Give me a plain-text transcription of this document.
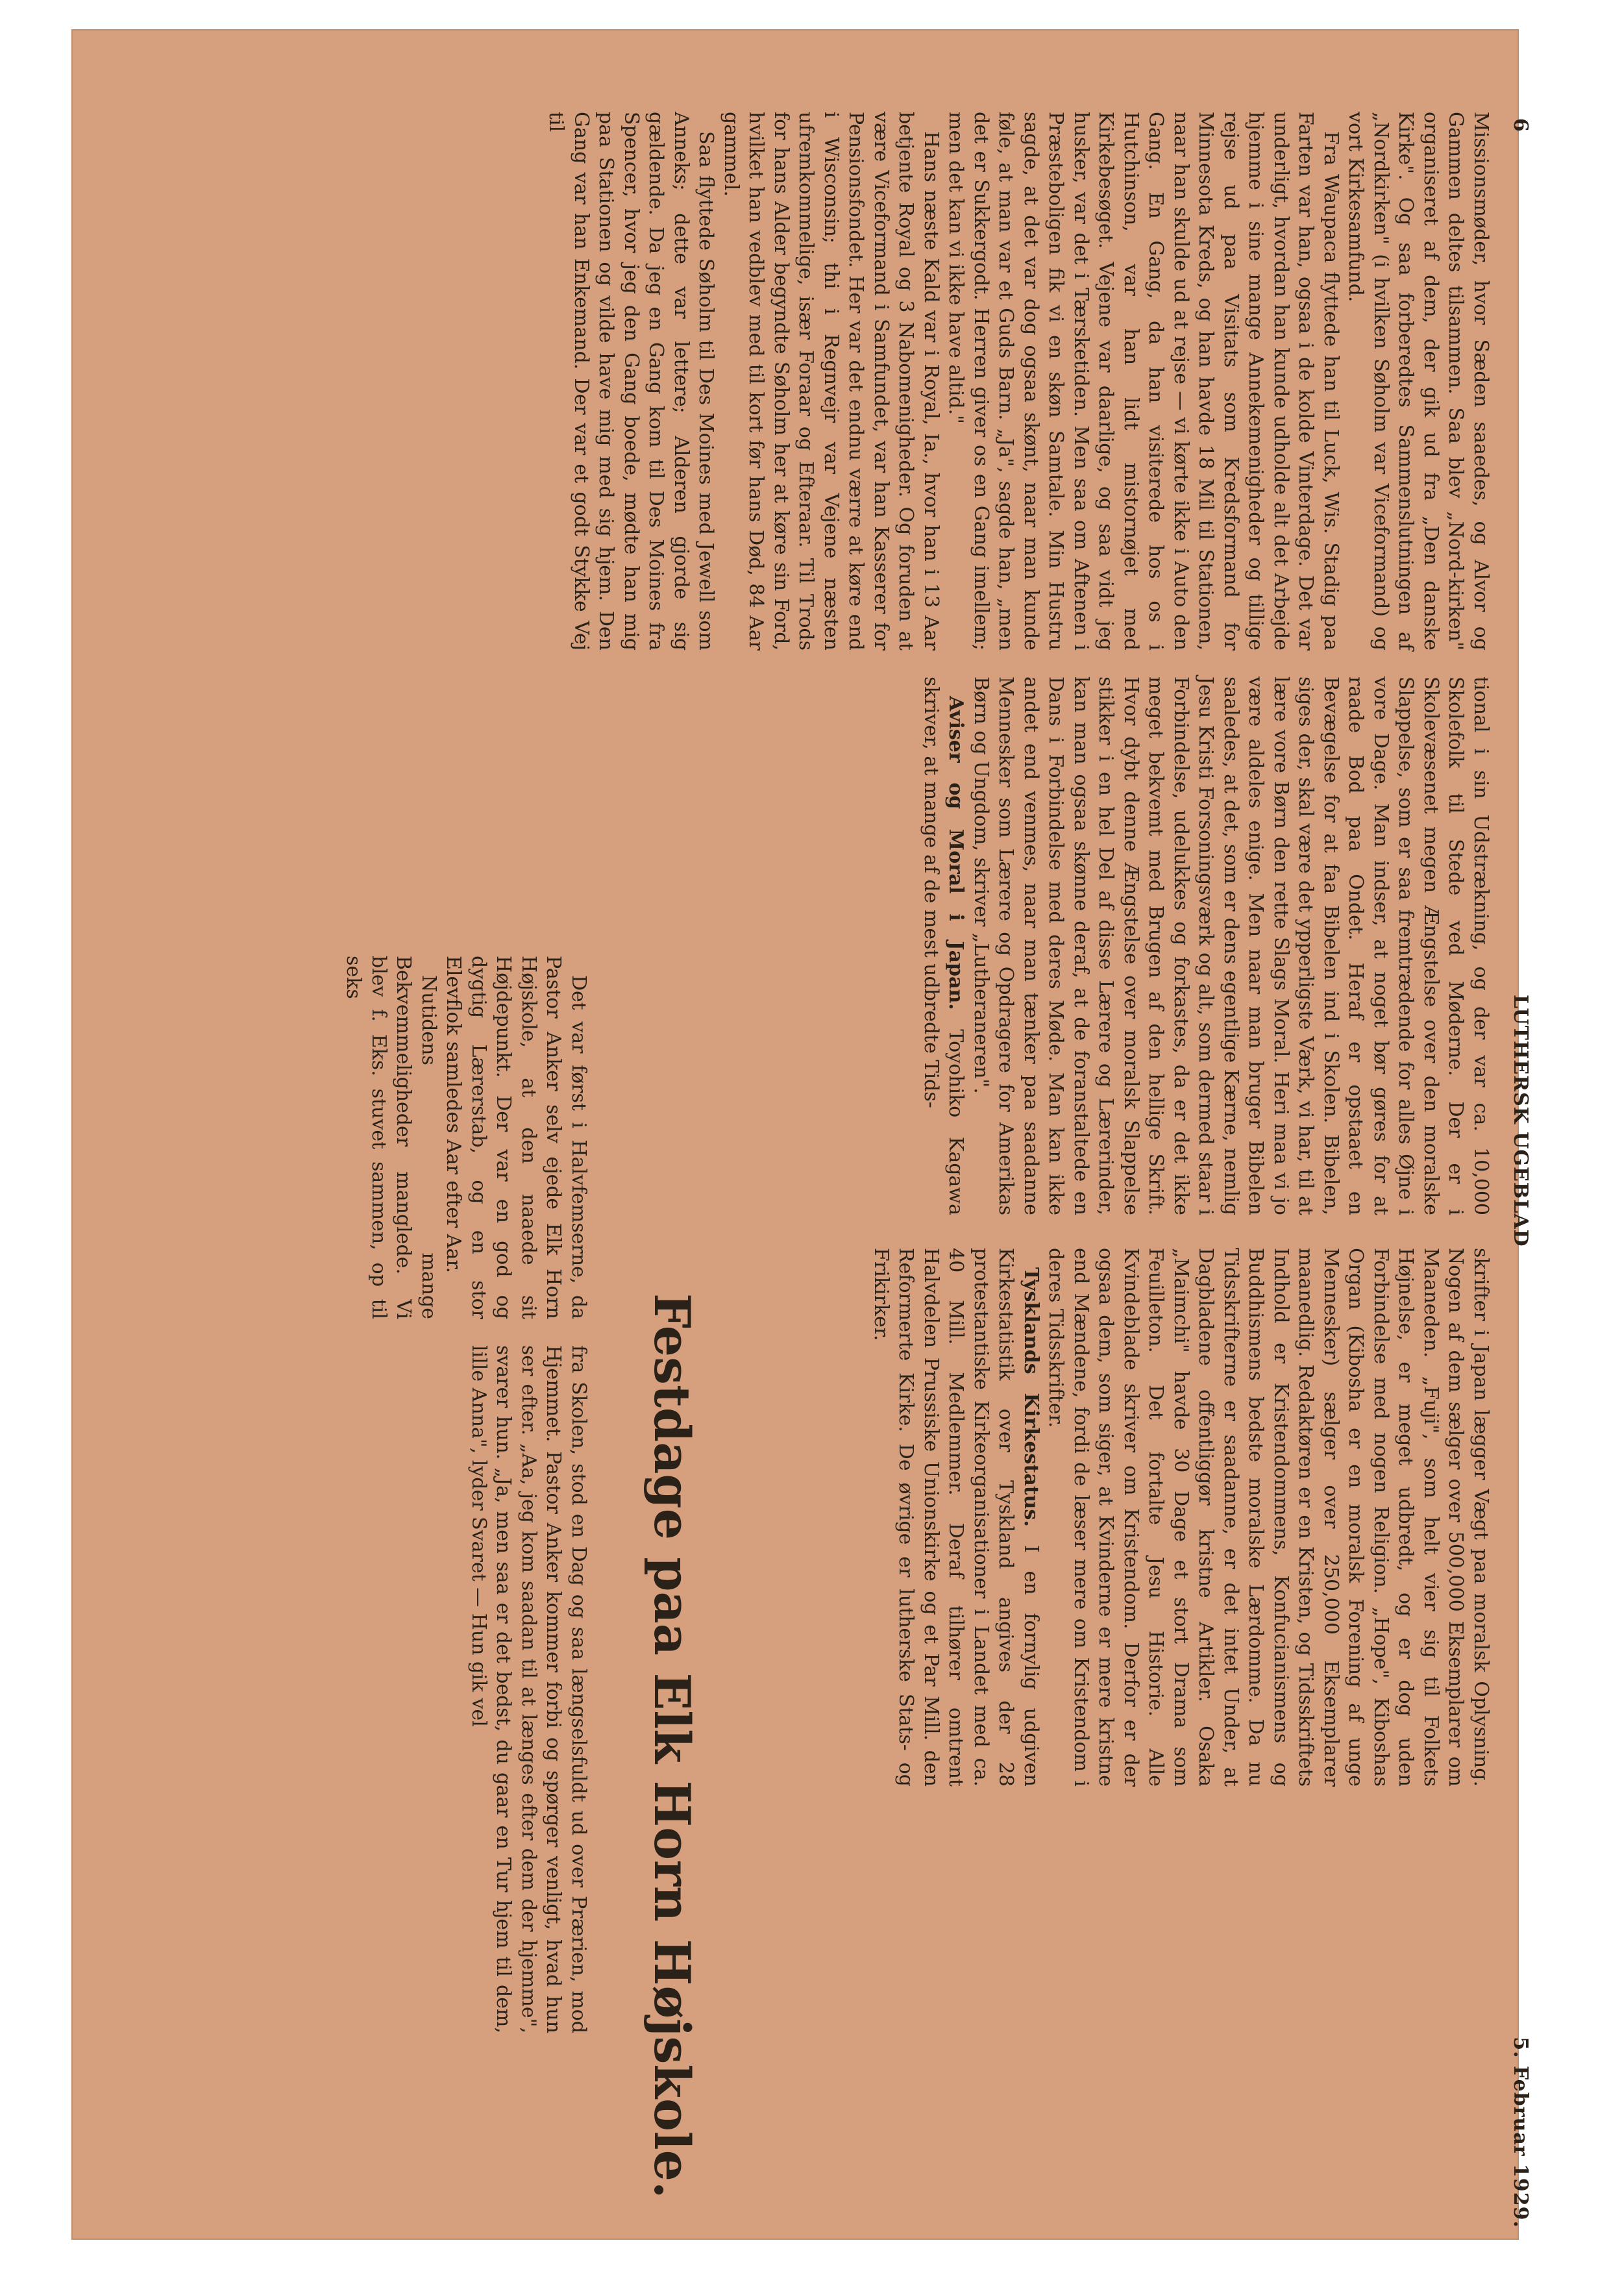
6
LUTHERSK UGEBLAD
5. Februar 1929.

Missionsmøder, hvor Sæden saaedes, og Alvor og Gammen deltes tilsammen. Saa blev „Nord-kirken" organiseret af dem, der gik ud fra „Den danske Kirke". Og saa forberedtes Sammenslutningen af „Nordkirken" (i hvilken Søholm var Viceformand) og vort Kirkesamfund.

Fra Waupaca flyttede han til Luck, Wis. Stadig paa Farten var han, ogsaa i de kolde Vinterdage. Det var underligt, hvordan han kunde udholde alt det Arbejde hjemme i sine mange Annekemenigheder og tillige rejse ud paa Visitats som Kredsformand for Minnesota Kreds, og han havde 18 Mil til Stationen, naar han skulde ud at rejse — vi kørte ikke i Auto den Gang. En Gang, da han visiterede hos os i Hutchinson, var han lidt mistornøjet med Kirkebesøget. Vejene var daarlige, og saa vidt jeg husker, var det i Tærsketiden. Men saa om Aftenen i Præsteboligen fik vi en skøn Samtale. Min Hustru sagde, at det var dog ogsaa skønt, naar man kunde føle, at man var et Guds Barn. „Ja", sagde han, „men det er Sukkergodt. Herren giver os en Gang imellem; men det kan vi ikke have altid."

Hans næste Kald var i Royal, Ia., hvor han i 13 Aar betjente Royal og 3 Nabomenigheder. Og foruden at være Viceformand i Samfundet, var han Kasserer for Pensionsfondet. Her var det endnu værre at køre end i Wisconsin; thi i Regnvejr var Vejene næsten ufremkommelige, især Foraar og Efteraar. Til Trods for hans Alder begyndte Søholm her at køre sin Ford, hvilket han vedblev med til kort før hans Død, 84 Aar gammel.

Saa flyttede Søholm til Des Moines med Jewell som Anneks; dette var lettere; Alderen gjorde sig gældende. Da jeg en Gang kom til Des Moines fra Spencer, hvor jeg den Gang boede, mødte han mig paa Stationen og vilde have mig med sig hjem. Den Gang var han Enkemand. Der var et godt Stykke Vej til

tional i sin Udstrækning, og der var ca. 10,000 Skolefolk til Stede ved Møderne. Der er i Skolevæsenet megen Ængstelse over den moralske Slappelse, som er saa fremtrædende for alles Øjne i vore Dage. Man indser, at noget bør gøres for at raade Bod paa Ondet. Heraf er opstaaet en Bevægelse for at faa Bibelen ind i Skolen. Bibelen, siges der, skal være det ypperligste Værk, vi har, til at lære vore Børn den rette Slags Moral. Heri maa vi jo være aldeles enige. Men naar man bruger Bibelen saaledes, at det, som er dens egentlige Kærne, nemlig Jesu Kristi Forsoningsværk og alt, som dermed staar i Forbindelse, udelukkes og forkastes, da er det ikke meget bekvemt med Brugen af den hellige Skrift. Hvor dybt denne Ængstelse over moralsk Slappelse stikker i en hel Del af disse Lærere og Lærerinder, kan man ogsaa skønne deraf, at de foranstaltede en Dans i Forbindelse med deres Møde. Man kan ikke andet end venmes, naar man tænker paa saadanne Mennesker som Lærere og Opdragere for Amerikas Børn og Ungdom, skriver „Lutheraneren".

Aviser og Moral i Japan. Toyohiko Kagawa skriver, at mange af de mest udbredte Tids-

skrifter i Japan lægger Vægt paa moralsk Oplysning. Nogen af dem sælger over 500,000 Eksemplarer om Maaneden. „Fuji", som helt vier sig til Folkets Højnelse, er meget udbredt, og er dog uden Forbindelse med nogen Religion. „Hope", Kiboshas Organ (Kibosha er en moralsk Forening af unge Mennesker) sælger over 250,000 Eksemplarer maanedlig. Redaktøren er en Kristen, og Tidsskriftets Indhold er Kristendommens, Konfucianismens og Buddhismens bedste moralske Lærdomme. Da nu Tidsskrifterne er saadanne, er det intet Under, at Dagbladene offentliggør kristne Artikler. Osaka „Maimchi" havde 30 Dage et stort Drama som Feuilleton. Det fortalte Jesu Historie. Alle Kvindeblade skriver om Kristendom. Derfor er der ogsaa dem, som siger, at Kvinderne er mere kristne end Mændene, fordi de læser mere om Kristendom i deres Tidsskrifter.

Tysklands Kirkestatus. I en fornylig udgiven Kirkestatistik over Tyskland angives der 28 protestantiske Kirkeorganisationer i Landet med ca. 40 Mill. Medlemmer. Deraf tilhører omtrent Halvdelen Prussiske Unionskirke og et Par Mill. den Reformerte Kirke. De øvrige er lutherske Stats- og Frikirker.

Festdage paa Elk Horn Højskole.

Det var først i Halvfemserne, da Pastor Anker selv ejede Elk Horn Højskole, at den naaede sit Højdepunkt. Der var en god og dygtig Lærerstab, og en stor Elevflok samledes Aar efter Aar.

Nutidens mange Bekvemmeligheder manglede. Vi blev f. Eks. stuvet sammen, op til seks

fra Skolen, stod en Dag og saa længselsfuldt ud over Prærien, mod Hjemmet. Pastor Anker kommer forbi og spørger venligt, hvad hun ser efter. „Aa, jeg kom saadan til at længes efter dem der hjemme", svarer hun. „Ja, men saa er det bedst, du gaar en Tur hjem til dem, lille Anna", lyder Svaret — Hun gik vel
